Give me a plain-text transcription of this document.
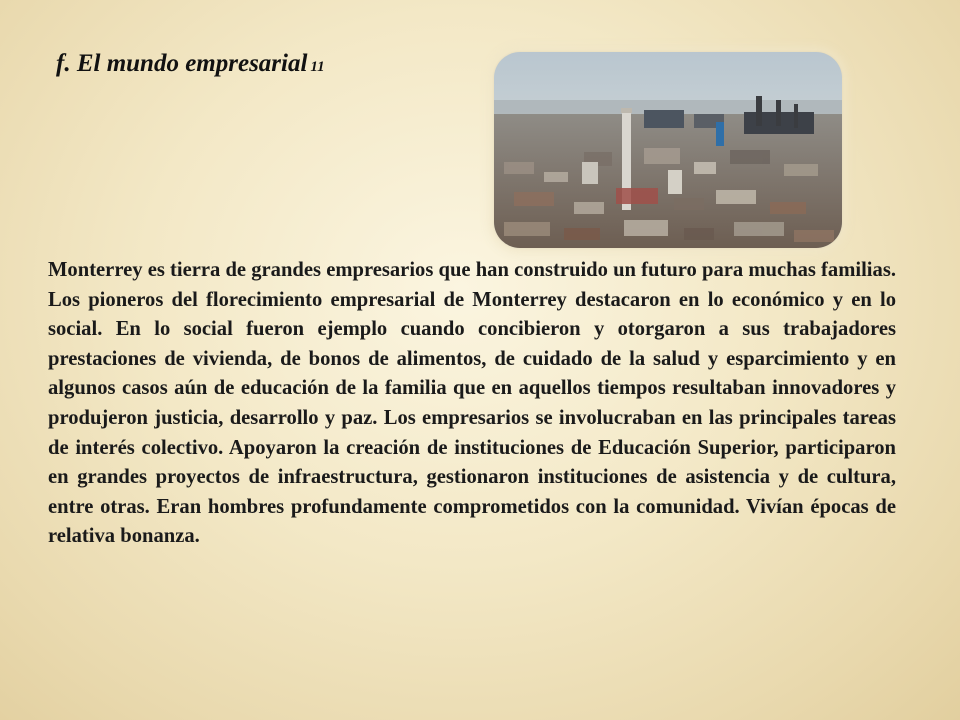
f. El mundo empresarial 11

Monterrey es tierra de grandes empresarios que han construido un futuro para muchas familias. Los pioneros del florecimiento empresarial de Monterrey destacaron en lo económico y en lo social. En lo social fueron ejemplo cuando concibieron y otorgaron a sus trabajadores prestaciones de vivienda, de bonos de alimentos, de cuidado de la salud y esparcimiento y en algunos casos aún de educación de la familia que en aquellos tiempos resultaban innovadores y produjeron justicia, desarrollo y paz. Los empresarios se involucraban en las principales tareas de interés colectivo. Apoyaron la creación de instituciones de Educación Superior, participaron en grandes proyectos de infraestructura, gestionaron instituciones de asistencia y de cultura, entre otras. Eran hombres profundamente comprometidos con la comunidad. Vivían épocas de relativa bonanza.
